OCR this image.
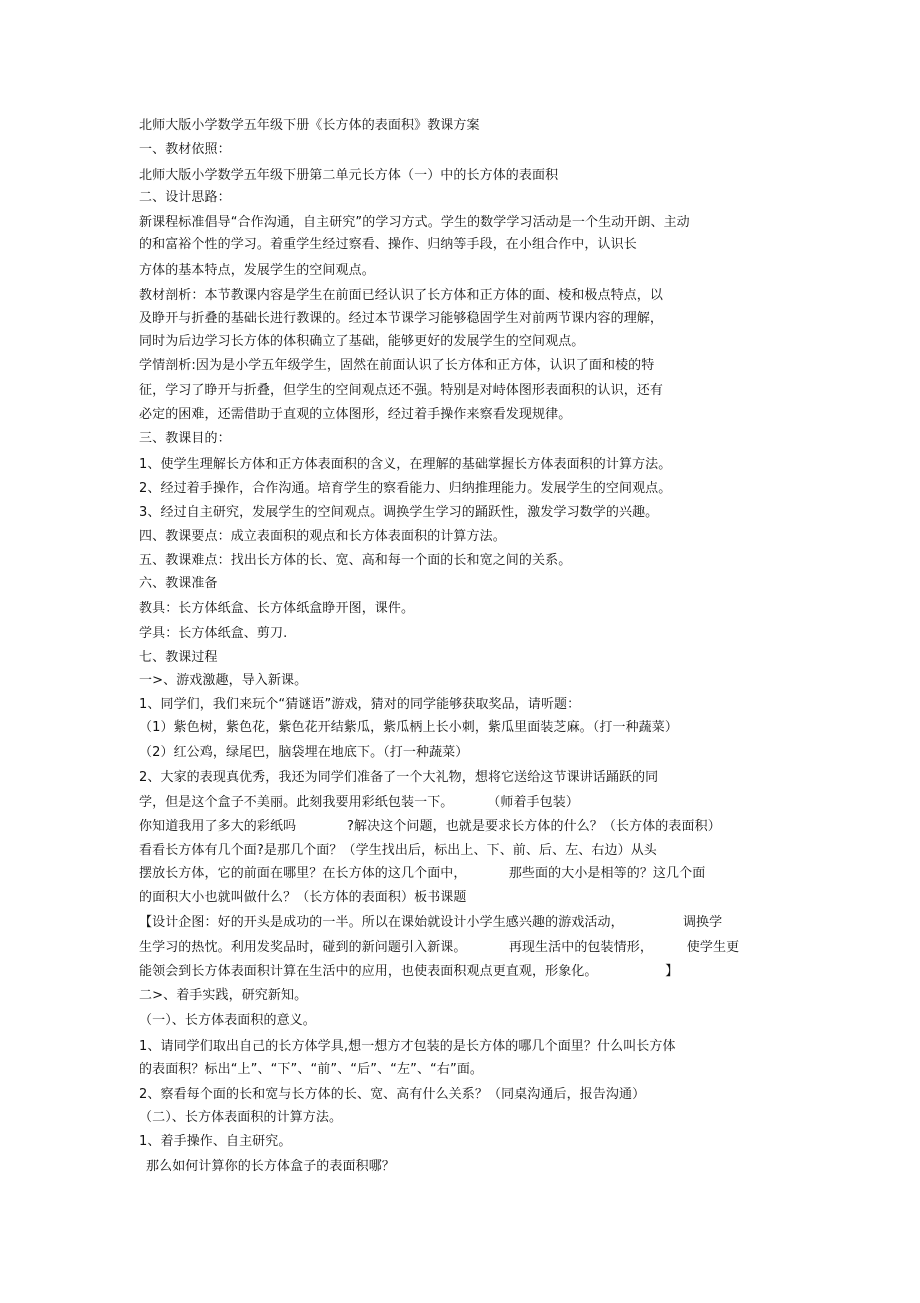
北师大版小学数学五年级下册《长方体的表面积》教课方案
一、教材依照：
北师大版小学数学五年级下册第二单元长方体（一）中的长方体的表面积
二、设计思路：
新课程标准倡导“合作沟通，自主研究”的学习方式。学生的数学学习活动是一个生动开朗、主动
的和富裕个性的学习。着重学生经过察看、操作、归纳等手段，在小组合作中，认识长
方体的基本特点，发展学生的空间观点。
教材剖析：本节教课内容是学生在前面已经认识了长方体和正方体的面、棱和极点特点，以
及睁开与折叠的基础长进行教课的。经过本节课学习能够稳固学生对前两节课内容的理解，
同时为后边学习长方体的体积确立了基础，能够更好的发展学生的空间观点。
学情剖析:因为是小学五年级学生，固然在前面认识了长方体和正方体，认识了面和棱的特
征，学习了睁开与折叠，但学生的空间观点还不强。特别是对峙体图形表面积的认识，还有
必定的困难，还需借助于直观的立体图形，经过着手操作来察看发现规律。
三、教课目的：
1、使学生理解长方体和正方体表面积的含义，在理解的基础掌握长方体表面积的计算方法。
2、经过着手操作，合作沟通。培育学生的察看能力、归纳推理能力。发展学生的空间观点。
3、经过自主研究，发展学生的空间观点。调换学生学习的踊跃性，激发学习数学的兴趣。
四、教课要点：成立表面积的观点和长方体表面积的计算方法。
五、教课难点：找出长方体的长、宽、高和每一个面的长和宽之间的关系。
六、教课准备
教具：长方体纸盒、长方体纸盒睁开图，课件。
学具：长方体纸盒、剪刀.
七、教课过程
一>、游戏激趣，导入新课。
1、同学们，我们来玩个“猜谜语”游戏，猜对的同学能够获取奖品，请听题：
（1）紫色树，紫色花，紫色花开结紫瓜，紫瓜柄上长小刺，紫瓜里面装芝麻。（打一种蔬菜）
（2）红公鸡，绿尾巴，脑袋埋在地底下。（打一种蔬菜）
2、大家的表现真优秀，我还为同学们准备了一个大礼物，想将它送给这节课讲话踊跃的同
学，但是这个盒子不美丽。此刻我要用彩纸包装一下。        （师着手包装）
你知道我用了多大的彩纸吗            ?解决这个问题，也就是要求长方体的什么？（长方体的表面积）
看看长方体有几个面?是那几个面？（学生找出后，标出上、下、前、后、左、右边）从头
摆放长方体，它的前面在哪里？在长方体的这几个面中，          那些面的大小是相等的？这几个面
的面积大小也就叫做什么？（长方体的表面积）板书课题
【设计企图：好的开头是成功的一半。所以在课始就设计小学生感兴趣的游戏活动，              调换学
生学习的热忱。利用发奖品时，碰到的新问题引入新课。          再现生活中的包装情形，        使学生更
能领会到长方体表面积计算在生活中的应用，也使表面积观点更直观，形象化。                】
二>、着手实践，研究新知。
（一）、长方体表面积的意义。
1、请同学们取出自己的长方体学具,想一想方才包装的是长方体的哪几个面里？什么叫长方体
的表面积？标出“上”、“下”、“前”、“后”、“左”、“右”面。
2、察看每个面的长和宽与长方体的长、宽、高有什么关系？（同桌沟通后，报告沟通）
（二）、长方体表面积的计算方法。
1、着手操作、自主研究。
那么如何计算你的长方体盒子的表面积哪？
